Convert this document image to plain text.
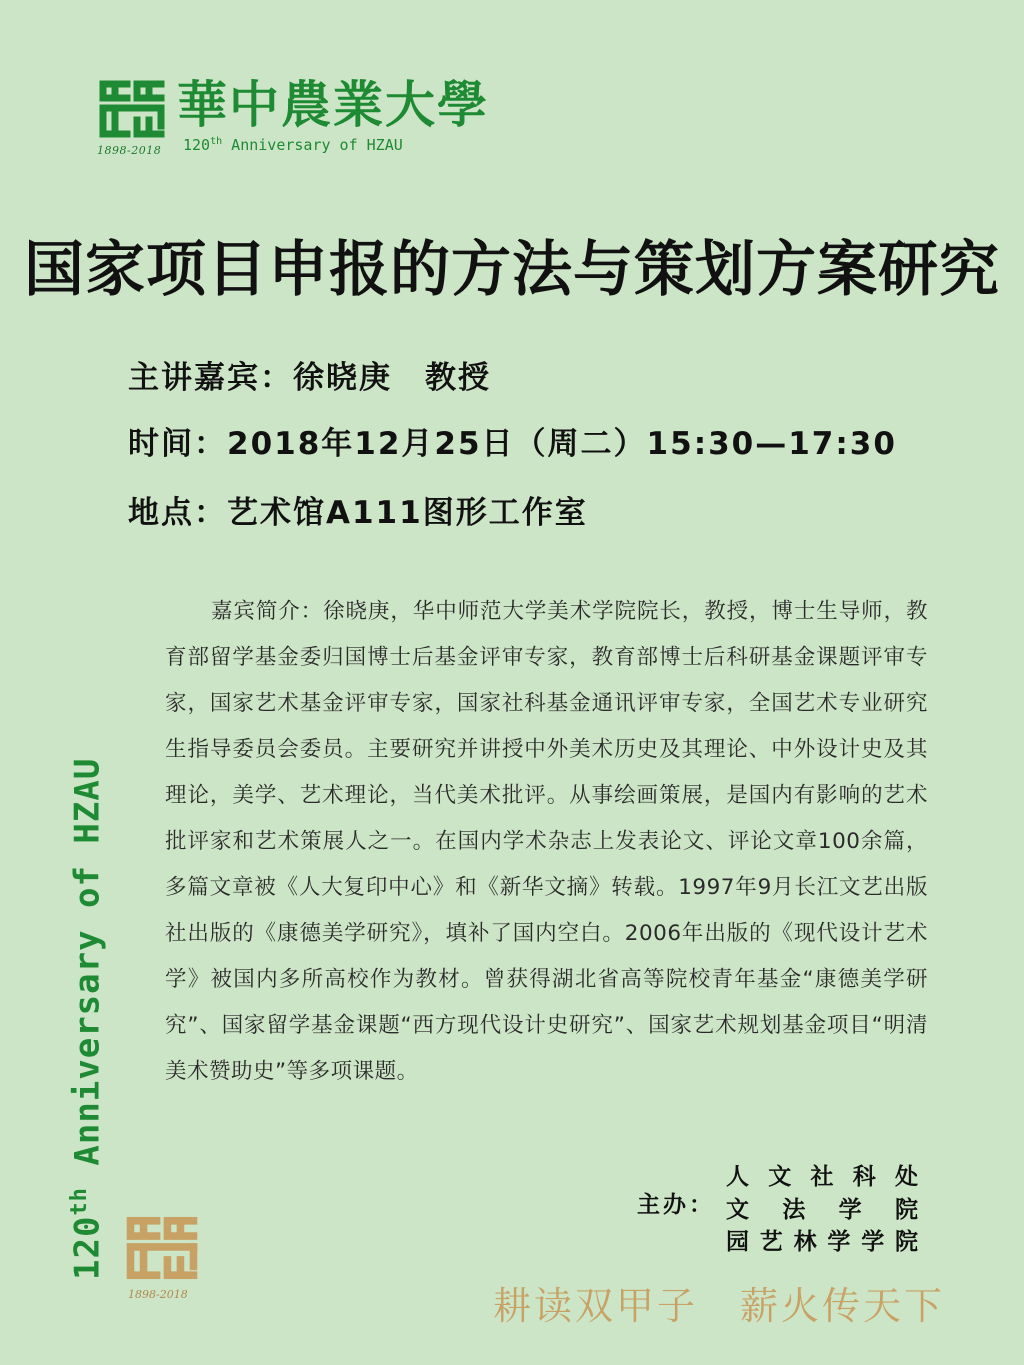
1898-2018
華中農業大學
120th Anniversary of HZAU
国家项目申报的方法与策划方案研究
主讲嘉宾：徐晓庚　教授
时间：2018年12月25日（周二）15:30—17:30
地点：艺术馆A111图形工作室
嘉宾简介：徐晓庚，华中师范大学美术学院院长，教授，博士生导师，教育部留学基金委归国博士后基金评审专家，教育部博士后科研基金课题评审专家，国家艺术基金评审专家，国家社科基金通讯评审专家，全国艺术专业研究生指导委员会委员。主要研究并讲授中外美术历史及其理论、中外设计史及其理论，美学、艺术理论，当代美术批评。从事绘画策展，是国内有影响的艺术批评家和艺术策展人之一。在国内学术杂志上发表论文、评论文章100余篇，多篇文章被《人大复印中心》和《新华文摘》转载。1997年9月长江文艺出版社出版的《康德美学研究》，填补了国内空白。2006年出版的《现代设计艺术学》被国内多所高校作为教材。曾获得湖北省高等院校青年基金“康德美学研究”、国家留学基金课题“西方现代设计史研究”、国家艺术规划基金项目“明清美术赞助史”等多项课题。
120th Anniversary of HZAU
1898-2018
主办：
人文社科处
文法学院
园艺林学学院
耕读双甲子 薪火传天下
